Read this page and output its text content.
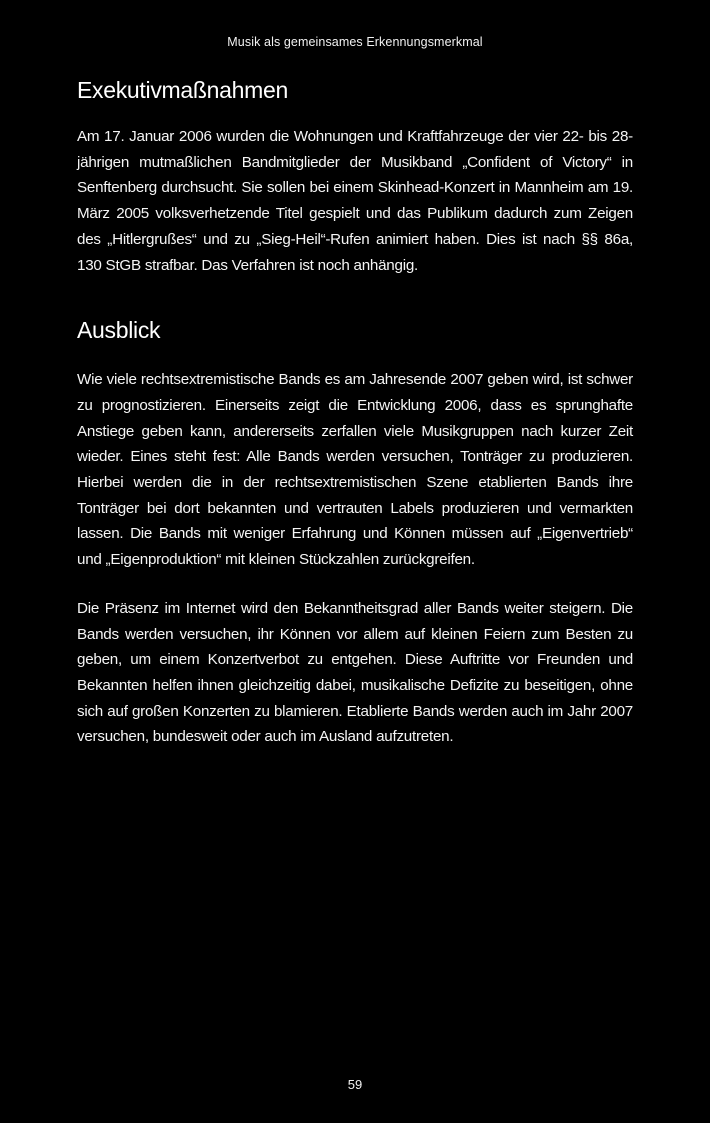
Musik als gemeinsames Erkennungsmerkmal
Exekutivmaßnahmen

Am 17. Januar 2006 wurden die Wohnungen und Kraftfahrzeuge der vier 22- bis 28-jährigen mutmaßlichen Bandmitglieder der Musikband „Confident of Victory“ in Senftenberg durchsucht. Sie sollen bei einem Skinhead-Konzert in Mannheim am 19. März 2005 volksverhetzende Titel gespielt und das Publikum dadurch zum Zeigen des „Hitlergrußes“ und zu „Sieg-Heil“-Rufen animiert haben. Dies ist nach §§ 86a, 130 StGB strafbar. Das Verfahren ist noch anhängig.

Ausblick

Wie viele rechtsextremistische Bands es am Jahresende 2007 geben wird, ist schwer zu prognostizieren. Einerseits zeigt die Entwicklung 2006, dass es sprunghafte Anstiege geben kann, andererseits zerfallen viele Musikgruppen nach kurzer Zeit wieder. Eines steht fest: Alle Bands werden versuchen, Tonträger zu produzieren. Hierbei werden die in der rechtsextremistischen Szene etablierten Bands ihre Tonträger bei dort bekannten und vertrauten Labels produzieren und vermarkten lassen. Die Bands mit weniger Erfahrung und Können müssen auf „Eigenvertrieb“ und „Eigenproduktion“ mit kleinen Stückzahlen zurückgreifen.

Die Präsenz im Internet wird den Bekanntheitsgrad aller Bands weiter steigern. Die Bands werden versuchen, ihr Können vor allem auf kleinen Feiern zum Besten zu geben, um einem Konzertverbot zu entgehen. Diese Auftritte vor Freunden und Bekannten helfen ihnen gleichzeitig dabei, musikalische Defizite zu beseitigen, ohne sich auf großen Konzerten zu blamieren. Etablierte Bands werden auch im Jahr 2007 versuchen, bundesweit oder auch im Ausland aufzutreten.

59
